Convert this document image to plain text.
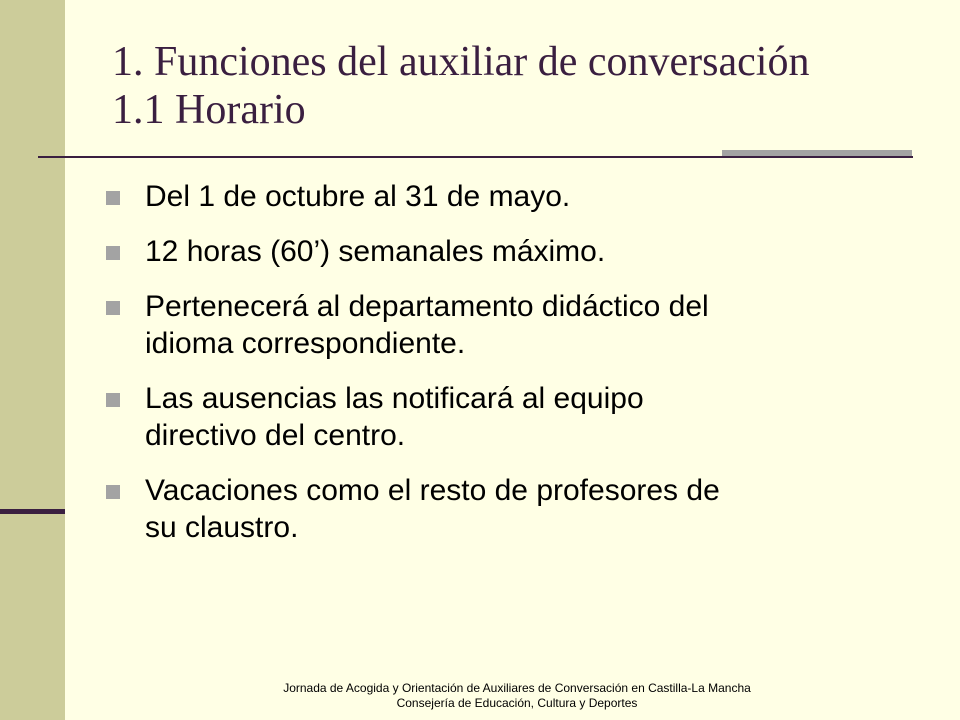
1. Funciones del auxiliar de conversación
1.1 Horario
Del 1 de octubre al 31 de mayo.
12 horas (60’) semanales máximo.
Pertenecerá al departamento didáctico del
idioma correspondiente.
Las ausencias las notificará al equipo
directivo del centro.
Vacaciones como el resto de profesores de
su claustro.
Jornada de Acogida y Orientación de Auxiliares de Conversación en Castilla-La Mancha
Consejería de Educación, Cultura y Deportes
